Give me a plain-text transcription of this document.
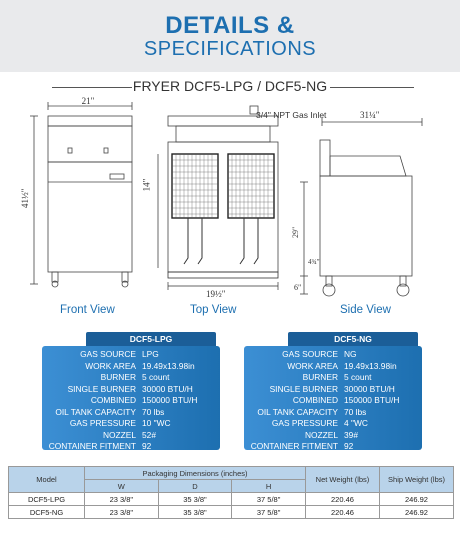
DETAILS &
SPECIFICATIONS
FRYER DCF5-LPG / DCF5-NG
21"
41½"
19½"
3/4" NPT Gas Inlet	31¼"
29"
4¾"
6"
14"
Front View	Top View	Side View
DCF5-LPG
GAS SOURCE LPG
WORK AREA 19.49x13.98in
BURNER 5 count
SINGLE BURNER 30000 BTU/H
COMBINED 150000 BTU/H
OIL TANK CAPACITY 70 lbs
GAS PRESSURE 10 "WC
NOZZEL 52#
CONTAINER FITMENT 92
DCF5-NG
GAS SOURCE NG
WORK AREA 19.49x13.98in
BURNER 5 count
SINGLE BURNER 30000 BTU/H
COMBINED 150000 BTU/H
OIL TANK CAPACITY 70 lbs
GAS PRESSURE 4 "WC
NOZZEL 39#
CONTAINER FITMENT 92
Model	Packaging Dimensions (inches)			Net Weight (lbs)	Ship Weight (lbs)
	W	D	H		
DCF5-LPG	23 3/8"	35 3/8"	37 5/8"	220.46	246.92
DCF5-NG	23 3/8"	35 3/8"	37 5/8"	220.46	246.92
